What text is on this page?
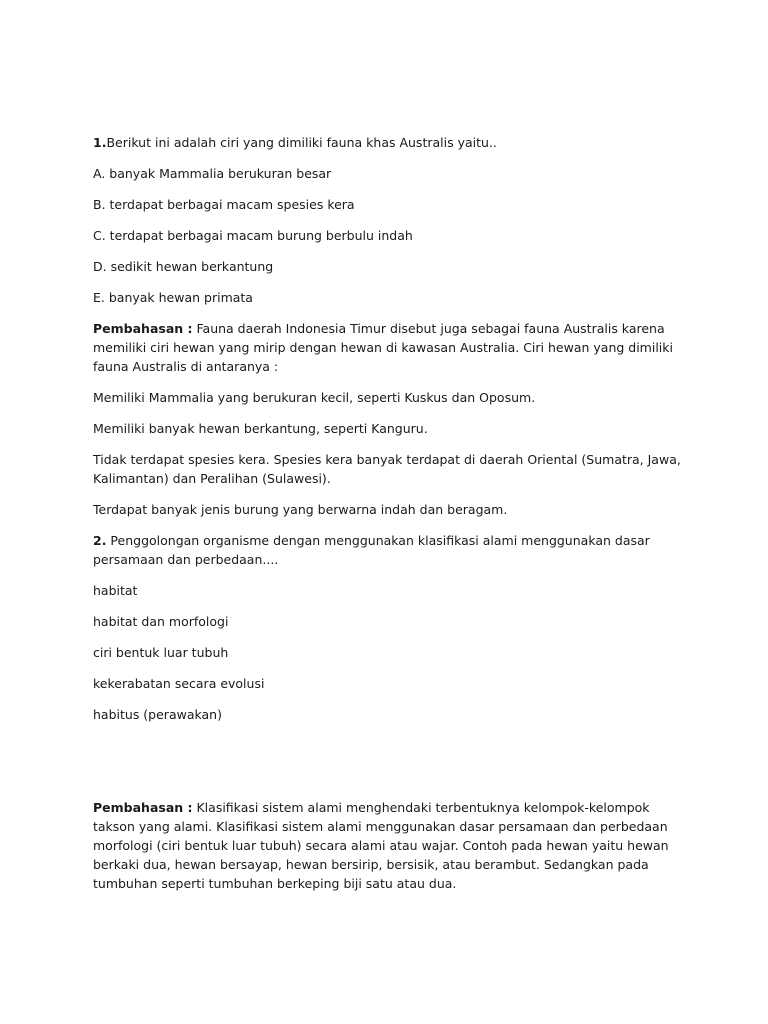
1.Berikut ini adalah ciri yang dimiliki fauna khas Australis yaitu..

A. banyak Mammalia berukuran besar

B. terdapat berbagai macam spesies kera

C. terdapat berbagai macam burung berbulu indah

D. sedikit hewan berkantung

E. banyak hewan primata

Pembahasan : Fauna daerah Indonesia Timur disebut juga sebagai fauna Australis karena memiliki ciri hewan yang mirip dengan hewan di kawasan Australia. Ciri hewan yang dimiliki fauna Australis di antaranya :

Memiliki Mammalia yang berukuran kecil, seperti Kuskus dan Oposum.

Memiliki banyak hewan berkantung, seperti Kanguru.

Tidak terdapat spesies kera. Spesies kera banyak terdapat di daerah Oriental (Sumatra, Jawa, Kalimantan) dan Peralihan (Sulawesi).

Terdapat banyak jenis burung yang berwarna indah dan beragam.

2. Penggolongan organisme dengan menggunakan klasifikasi alami menggunakan dasar persamaan dan perbedaan....

habitat

habitat dan morfologi

ciri bentuk luar tubuh

kekerabatan secara evolusi

habitus (perawakan)

Pembahasan : Klasifikasi sistem alami menghendaki terbentuknya kelompok-kelompok takson yang alami. Klasifikasi sistem alami menggunakan dasar persamaan dan perbedaan morfologi (ciri bentuk luar tubuh) secara alami atau wajar. Contoh pada hewan yaitu hewan berkaki dua, hewan bersayap, hewan bersirip, bersisik, atau berambut. Sedangkan pada tumbuhan seperti tumbuhan berkeping biji satu atau dua.
